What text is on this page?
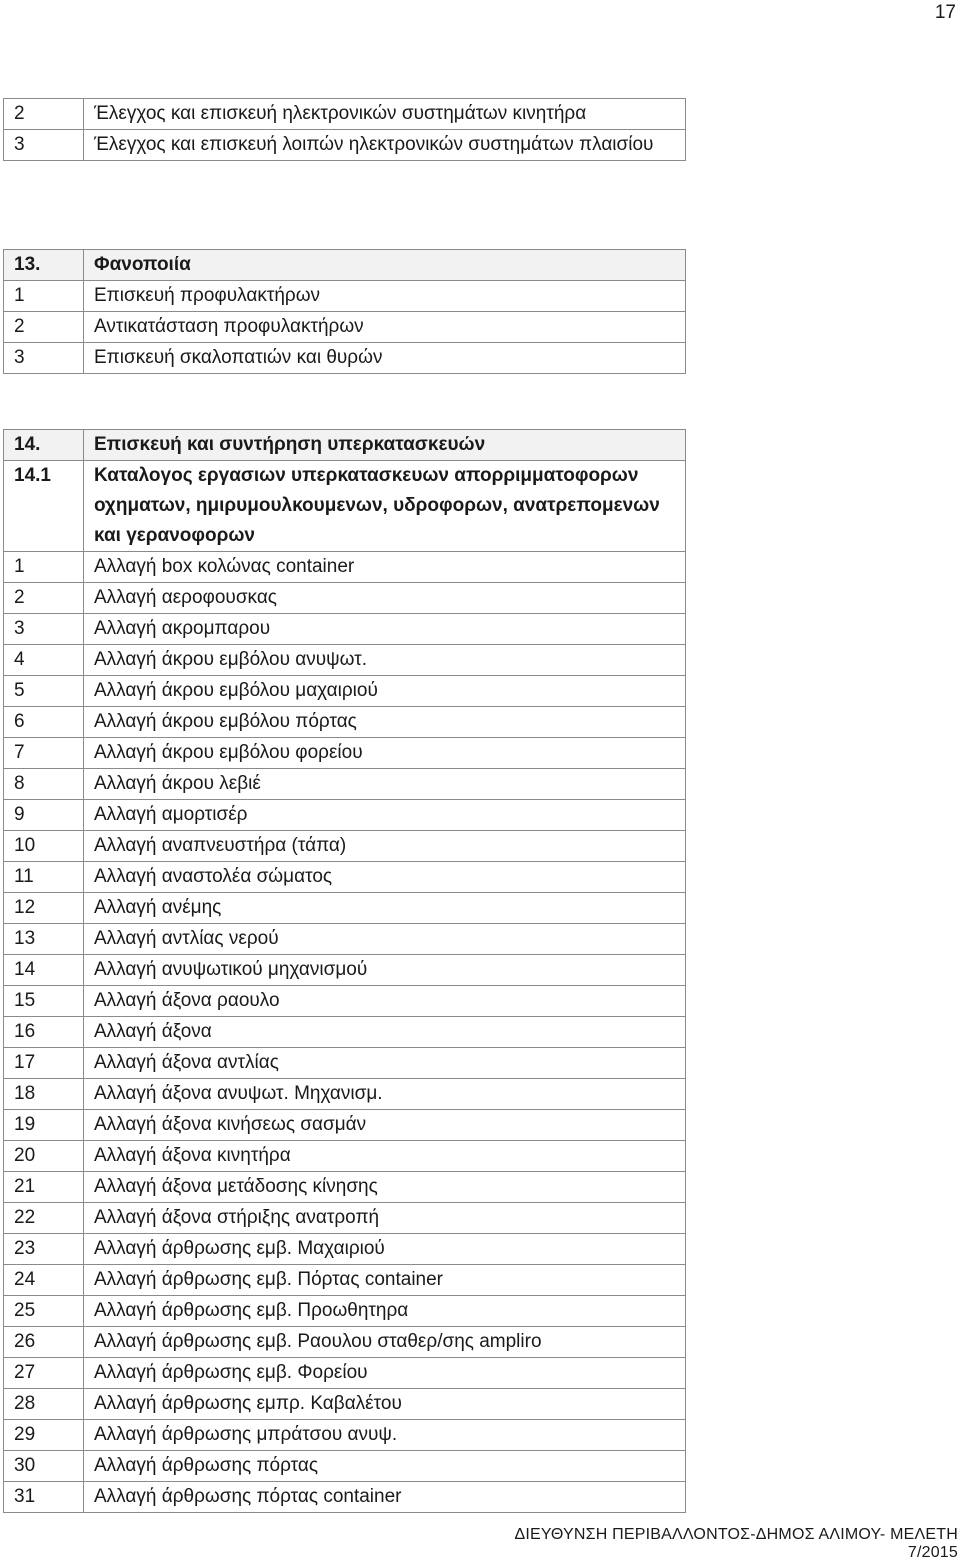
17
2	Έλεγχος και επισκευή ηλεκτρονικών συστημάτων κινητήρα
3	Έλεγχος και επισκευή λοιπών ηλεκτρονικών συστημάτων πλαισίου
13.	Φανοποιία
1	Επισκευή προφυλακτήρων
2	Αντικατάσταση προφυλακτήρων
3	Επισκευή σκαλοπατιών και θυρών
14.	Επισκευή και συντήρηση υπερκατασκευών
14.1	Καταλογος εργασιων υπερκατασκευων απορριμματοφορων οχηματων, ημιρυμουλκουμενων, υδροφορων, ανατρεπομενων και γερανοφορων
1	Αλλαγή box κολώνας container
2	Αλλαγή αεροφουσκας
3	Αλλαγή ακρομπαρου
4	Αλλαγή άκρου εμβόλου ανυψωτ.
5	Αλλαγή άκρου εμβόλου μαχαιριού
6	Αλλαγή άκρου εμβόλου πόρτας
7	Αλλαγή άκρου εμβόλου φορείου
8	Αλλαγή άκρου λεβιέ
9	Αλλαγή αμορτισέρ
10	Αλλαγή αναπνευστήρα (τάπα)
11	Αλλαγή αναστολέα σώματος
12	Αλλαγή ανέμης
13	Αλλαγή αντλίας νερού
14	Αλλαγή ανυψωτικού μηχανισμού
15	Αλλαγή άξονα ραουλο
16	Αλλαγή άξονα
17	Αλλαγή άξονα αντλίας
18	Αλλαγή άξονα ανυψωτ. Μηχανισμ.
19	Αλλαγή άξονα κινήσεως σασμάν
20	Αλλαγή άξονα κινητήρα
21	Αλλαγή άξονα μετάδοσης κίνησης
22	Αλλαγή άξονα στήριξης ανατροπή
23	Αλλαγή άρθρωσης εμβ. Μαχαιριού
24	Αλλαγή άρθρωσης εμβ. Πόρτας container
25	Αλλαγή άρθρωσης εμβ. Προωθητηρα
26	Αλλαγή άρθρωσης εμβ. Ραουλου σταθερ/σης ampliro
27	Αλλαγή άρθρωσης εμβ. Φορείου
28	Αλλαγή άρθρωσης εμπρ. Καβαλέτου
29	Αλλαγή άρθρωσης μπράτσου ανυψ.
30	Αλλαγή άρθρωσης πόρτας
31	Αλλαγή άρθρωσης πόρτας container
ΔΙΕΥΘΥΝΣΗ ΠΕΡΙΒΑΛΛΟΝΤΟΣ-ΔΗΜΟΣ ΑΛΙΜΟΥ- ΜΕΛΕΤΗ 7/2015
